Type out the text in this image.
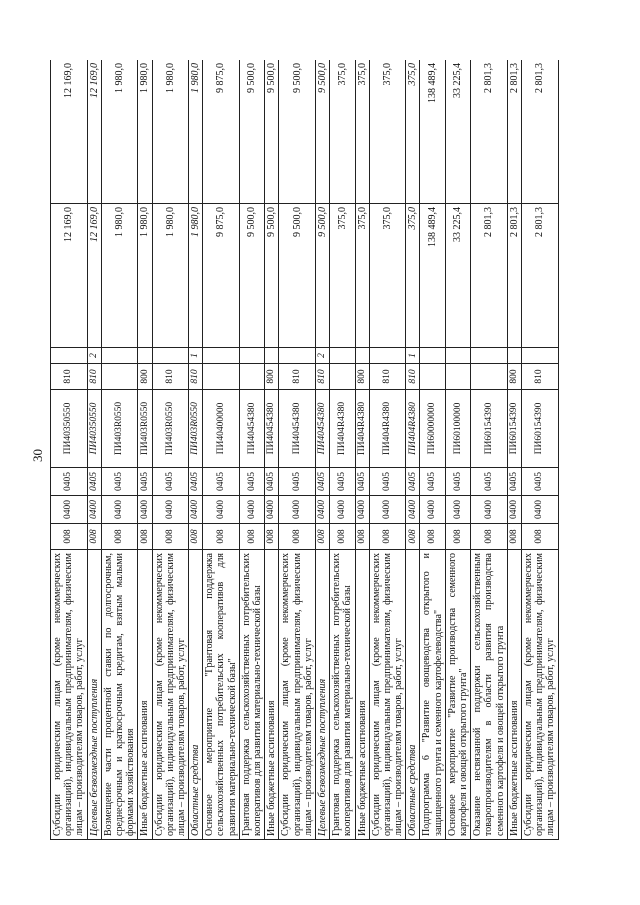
30
Субсидии юридическим лицам (кроме некоммерческих организаций), индивидуальным предпринимателям, физическим лицам – производителям товаров, работ, услуг	008	0400	0405	ПИ40350550	810		12 169,0	12 169,0
Целевые безвозмездные поступления	008	0400	0405	ПИ40350550	810	2	12 169,0	12 169,0
Возмещение части процентной ставки по долгосрочным, среднесрочным и краткосрочным кредитам, взятым малыми формами хозяйствования	008	0400	0405	ПИ403R0550			1 980,0	1 980,0
Иные бюджетные ассигнования	008	0400	0405	ПИ403R0550	800		1 980,0	1 980,0
Субсидии юридическим лицам (кроме некоммерческих организаций), индивидуальным предпринимателям, физическим лицам – производителям товаров, работ, услуг	008	0400	0405	ПИ403R0550	810		1 980,0	1 980,0
Областные средства	008	0400	0405	ПИ403R0550	810	1	1 980,0	1 980,0
Основное мероприятие "Грантовая поддержка сельскохозяйственных потребительских кооперативов для развития материально-технической базы"	008	0400	0405	ПИ40400000			9 875,0	9 875,0
Грантовая поддержка сельскохозяйственных потребительских кооперативов для развития материально-технической базы	008	0400	0405	ПИ40454380			9 500,0	9 500,0
Иные бюджетные ассигнования	008	0400	0405	ПИ40454380	800		9 500,0	9 500,0
Субсидии юридическим лицам (кроме некоммерческих организаций), индивидуальным предпринимателям, физическим лицам – производителям товаров, работ, услуг	008	0400	0405	ПИ40454380	810		9 500,0	9 500,0
Целевые безвозмездные поступления	008	0400	0405	ПИ40454380	810	2	9 500,0	9 500,0
Грантовая поддержка сельскохозяйственных потребительских кооперативов для развития материально-технической базы	008	0400	0405	ПИ404R4380			375,0	375,0
Иные бюджетные ассигнования	008	0400	0405	ПИ404R4380	800		375,0	375,0
Субсидии юридическим лицам (кроме некоммерческих организаций), индивидуальным предпринимателям, физическим лицам – производителям товаров, работ, услуг	008	0400	0405	ПИ404R4380	810		375,0	375,0
Областные средства	008	0400	0405	ПИ404R4380	810	1	375,0	375,0
Подпрограмма 6 "Развитие овощеводства открытого и защищенного грунта и семенного картофелеводства"	008	0400	0405	ПИ60000000			138 489,4	138 489,4
Основное мероприятие "Развитие производства семенного картофеля и овощей открытого грунта"	008	0400	0405	ПИ60100000			33 225,4	33 225,4
Оказание несвязанной поддержки сельскохозяйственным товаропроизводителям в области развития производства семенного картофеля и овощей открытого грунта	008	0400	0405	ПИ60154390			2 801,3	2 801,3
Иные бюджетные ассигнования	008	0400	0405	ПИ60154390	800		2 801,3	2 801,3
Субсидии юридическим лицам (кроме некоммерческих организаций), индивидуальным предпринимателям, физическим лицам – производителям товаров, работ, услуг	008	0400	0405	ПИ60154390	810		2 801,3	2 801,3
